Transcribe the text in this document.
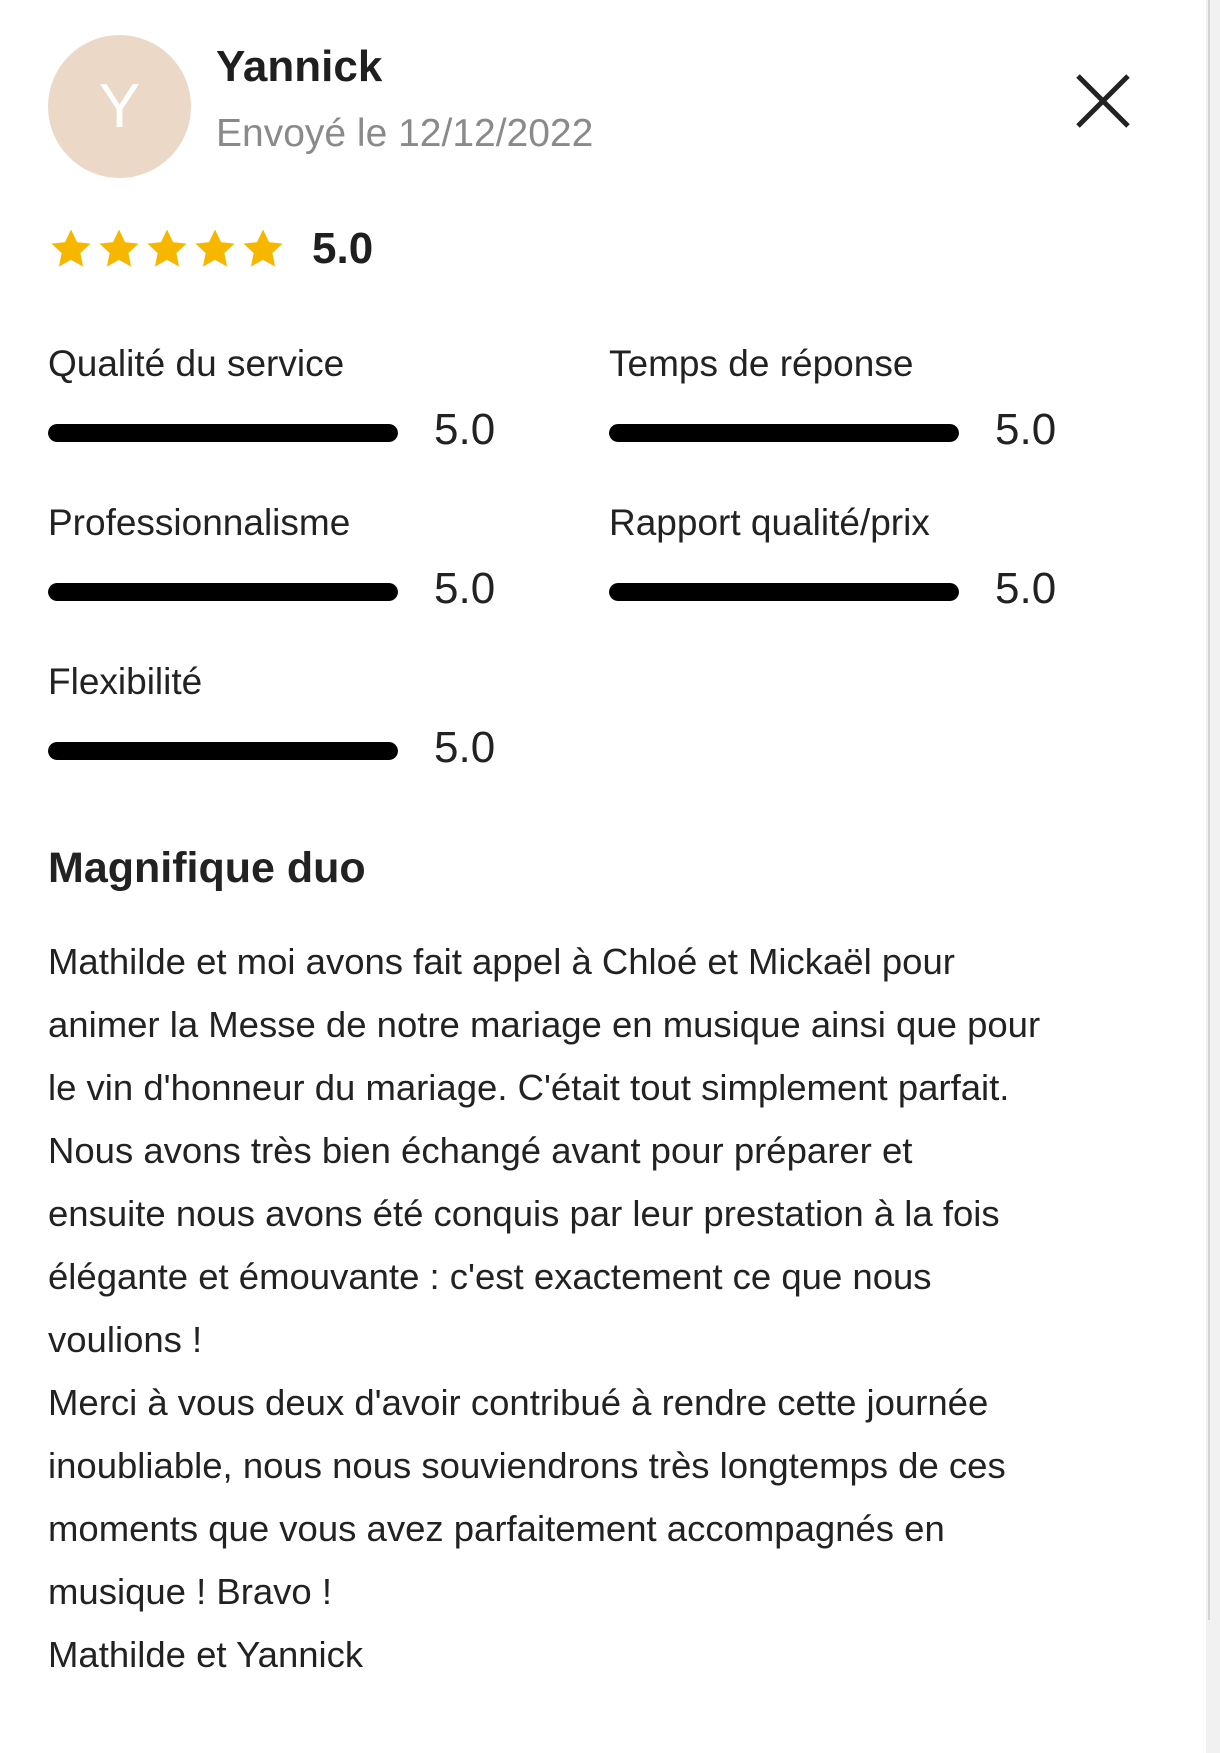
Y
Yannick
Envoyé le 12/12/2022
5.0
Qualité du service
5.0
Temps de réponse
5.0
Professionnalisme
5.0
Rapport qualité/prix
5.0
Flexibilité
5.0
Magnifique duo
Mathilde et moi avons fait appel à Chloé et Mickaël pour
animer la Messe de notre mariage en musique ainsi que pour
le vin d'honneur du mariage. C'était tout simplement parfait.
Nous avons très bien échangé avant pour préparer et
ensuite nous avons été conquis par leur prestation à la fois
élégante et émouvante : c'est exactement ce que nous
voulions !
Merci à vous deux d'avoir contribué à rendre cette journée
inoubliable, nous nous souviendrons très longtemps de ces
moments que vous avez parfaitement accompagnés en
musique ! Bravo !
Mathilde et Yannick
